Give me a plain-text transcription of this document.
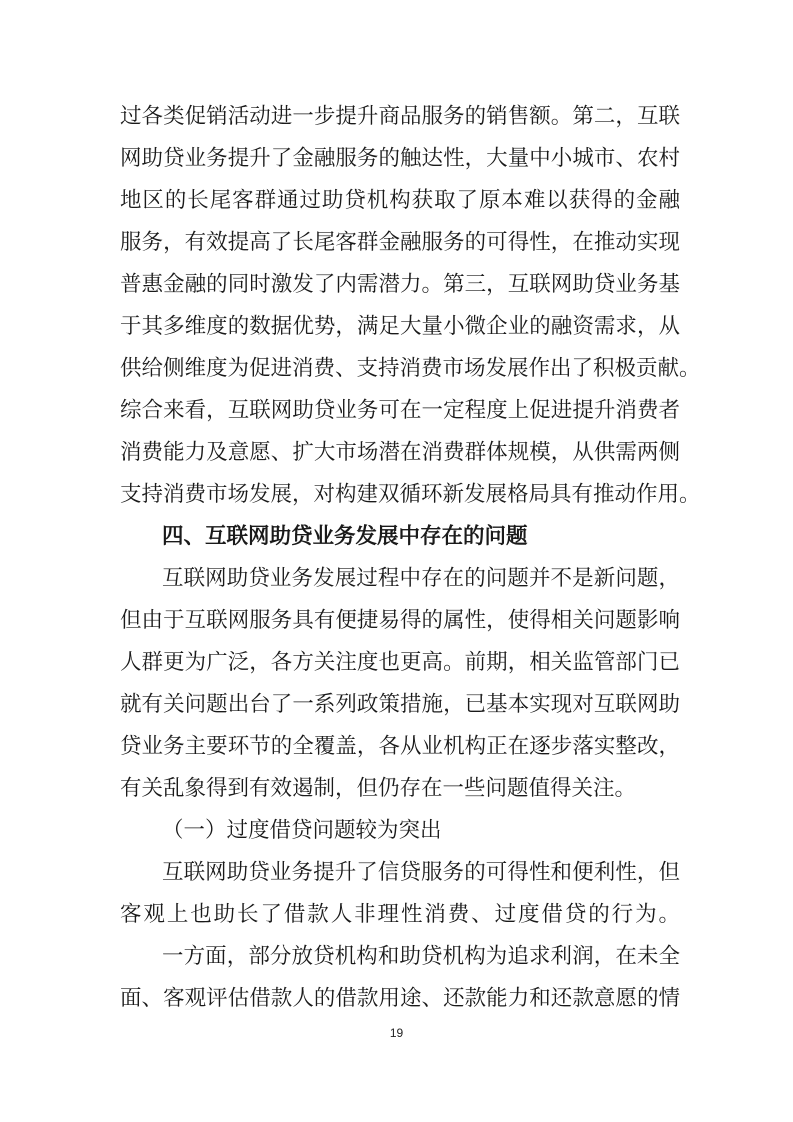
过各类促销活动进一步提升商品服务的销售额。第二，互联
网助贷业务提升了金融服务的触达性，大量中小城市、农村
地区的长尾客群通过助贷机构获取了原本难以获得的金融
服务，有效提高了长尾客群金融服务的可得性，在推动实现
普惠金融的同时激发了内需潜力。第三，互联网助贷业务基
于其多维度的数据优势，满足大量小微企业的融资需求，从
供给侧维度为促进消费、支持消费市场发展作出了积极贡献。
综合来看，互联网助贷业务可在一定程度上促进提升消费者
消费能力及意愿、扩大市场潜在消费群体规模，从供需两侧
支持消费市场发展，对构建双循环新发展格局具有推动作用。
四、互联网助贷业务发展中存在的问题
互联网助贷业务发展过程中存在的问题并不是新问题，
但由于互联网服务具有便捷易得的属性，使得相关问题影响
人群更为广泛，各方关注度也更高。前期，相关监管部门已
就有关问题出台了一系列政策措施，已基本实现对互联网助
贷业务主要环节的全覆盖，各从业机构正在逐步落实整改，
有关乱象得到有效遏制，但仍存在一些问题值得关注。
（一）过度借贷问题较为突出
互联网助贷业务提升了信贷服务的可得性和便利性，但
客观上也助长了借款人非理性消费、过度借贷的行为。
一方面，部分放贷机构和助贷机构为追求利润，在未全
面、客观评估借款人的借款用途、还款能力和还款意愿的情
19
